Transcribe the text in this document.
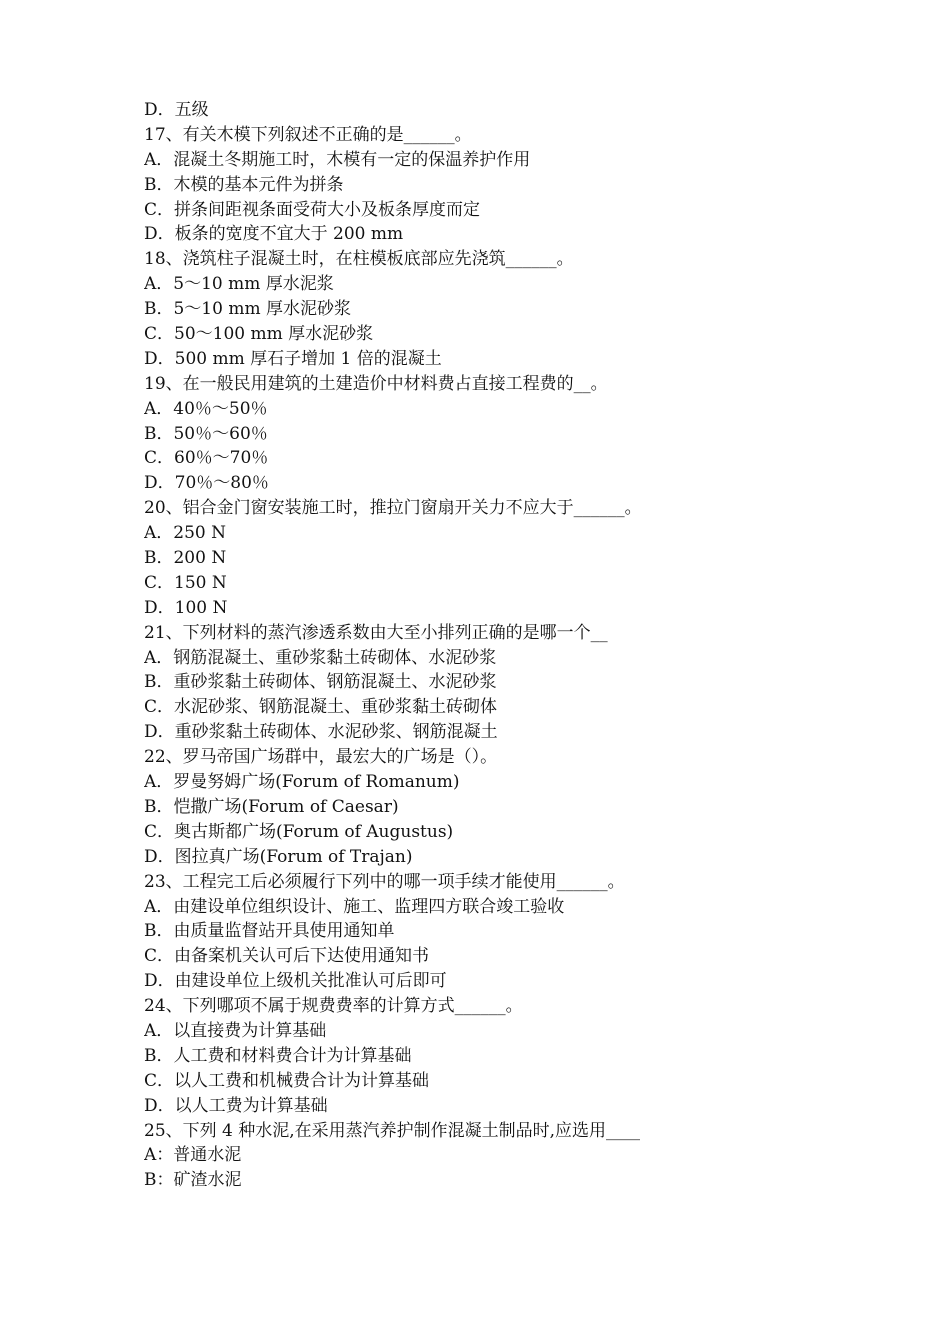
D．五级
17、有关木模下列叙述不正确的是______。
A．混凝土冬期施工时，木模有一定的保温养护作用
B．木模的基本元件为拼条
C．拼条间距视条面受荷大小及板条厚度而定
D．板条的宽度不宜大于 200 mm
18、浇筑柱子混凝土时，在柱模板底部应先浇筑______。
A．5～10 mm 厚水泥浆
B．5～10 mm 厚水泥砂浆
C．50～100 mm 厚水泥砂浆
D．500 mm 厚石子增加 1 倍的混凝土
19、在一般民用建筑的土建造价中材料费占直接工程费的__。
A．40％～50％
B．50％～60％
C．60％～70％
D．70％～80％
20、铝合金门窗安装施工时，推拉门窗扇开关力不应大于______。
A．250 N
B．200 N
C．150 N
D．100 N
21、下列材料的蒸汽渗透系数由大至小排列正确的是哪一个__
A．钢筋混凝土、重砂浆黏土砖砌体、水泥砂浆
B．重砂浆黏土砖砌体、钢筋混凝土、水泥砂浆
C．水泥砂浆、钢筋混凝土、重砂浆黏土砖砌体
D．重砂浆黏土砖砌体、水泥砂浆、钢筋混凝土
22、罗马帝国广场群中，最宏大的广场是（）。
A．罗曼努姆广场(Forum of Romanum)
B．恺撒广场(Forum of Caesar)
C．奥古斯都广场(Forum of Augustus)
D．图拉真广场(Forum of Trajan)
23、工程完工后必须履行下列中的哪一项手续才能使用______。
A．由建设单位组织设计、施工、监理四方联合竣工验收
B．由质量监督站开具使用通知单
C．由备案机关认可后下达使用通知书
D．由建设单位上级机关批准认可后即可
24、下列哪项不属于规费费率的计算方式______。
A．以直接费为计算基础
B．人工费和材料费合计为计算基础
C．以人工费和机械费合计为计算基础
D．以人工费为计算基础
25、下列 4 种水泥,在采用蒸汽养护制作混凝土制品时,应选用____
A：普通水泥
B：矿渣水泥
